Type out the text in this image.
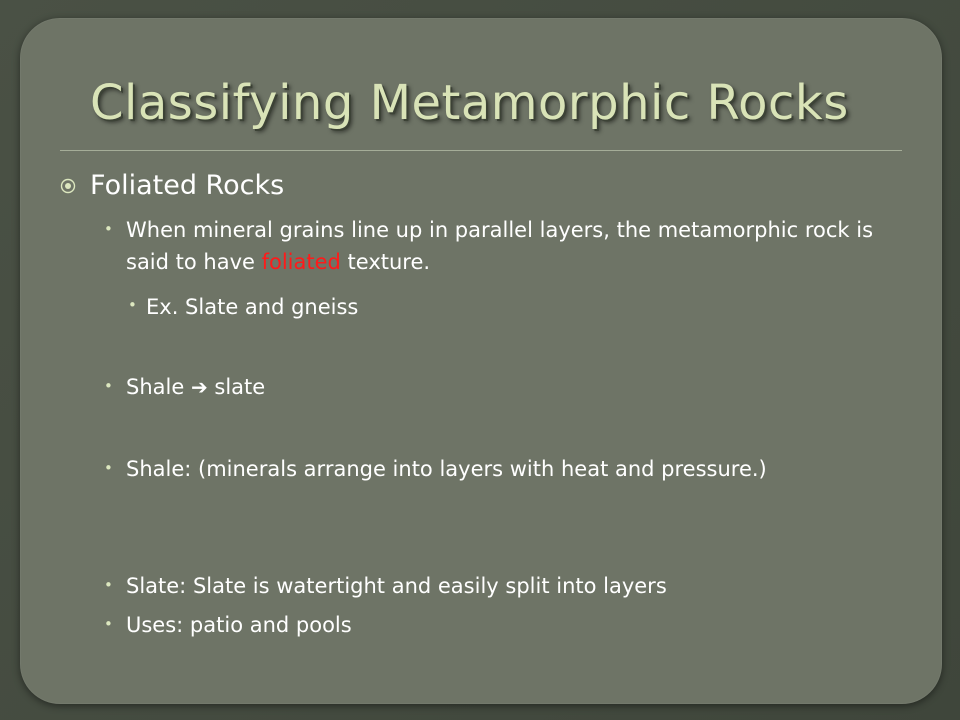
Classifying Metamorphic Rocks
Foliated Rocks
• When mineral grains line up in parallel layers, the metamorphic rock is said to have foliated texture.
• Ex. Slate and gneiss
• Shale ➔ slate
• Shale: (minerals arrange into layers with heat and pressure.)
• Slate: Slate is watertight and easily split into layers
• Uses: patio and pools
